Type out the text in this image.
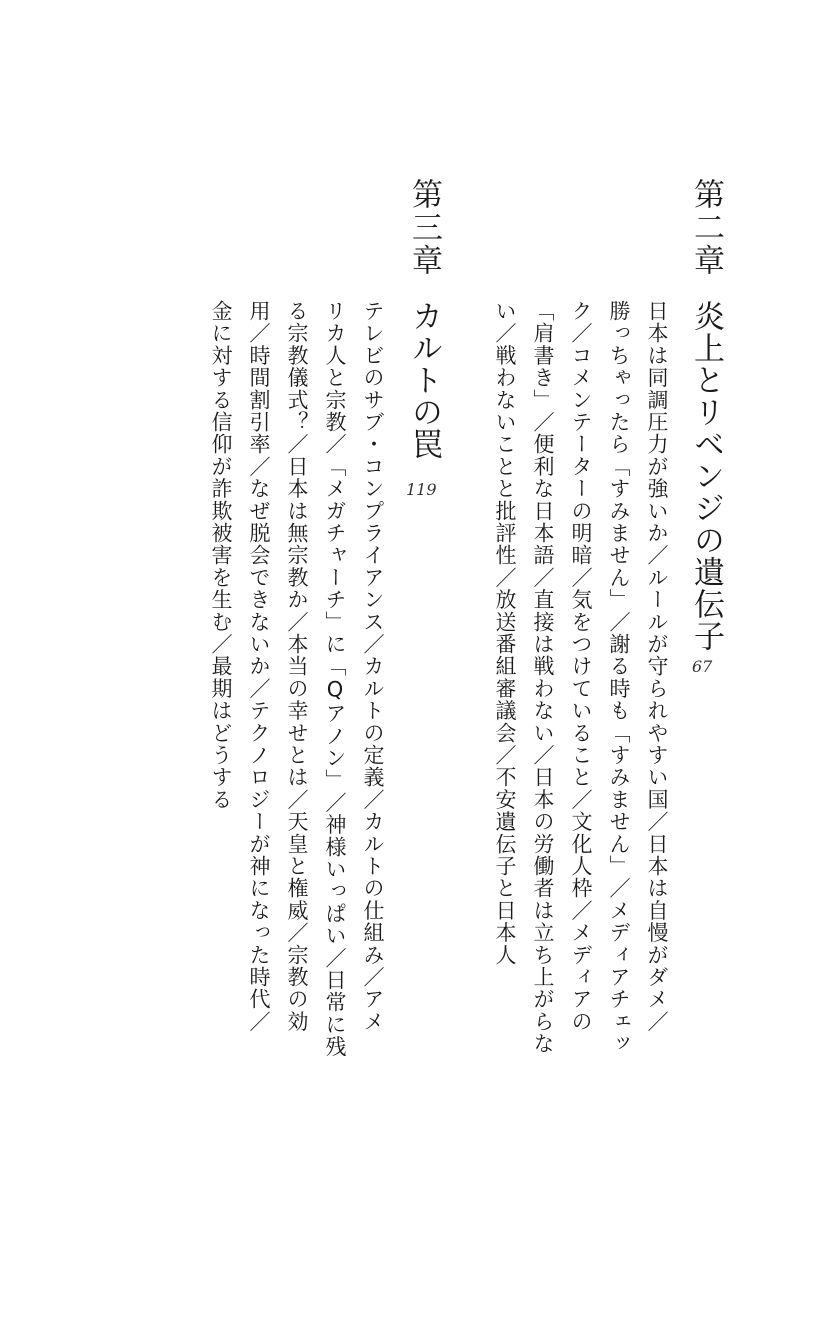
第二章
炎上とリベンジの遺伝子
67
日本は同調圧力が強いか／ルールが守られやすい国／日本は自慢がダメ／
勝っちゃったら「すみません」／謝る時も「すみません」／メディアチェッ
ク／コメンテーターの明暗／気をつけていること／文化人枠／メディアの
「肩書き」／便利な日本語／直接は戦わない／日本の労働者は立ち上がらな
い／戦わないことと批評性／放送番組審議会／不安遺伝子と日本人
第三章
カルトの罠
119
テレビのサブ・コンプライアンス／カルトの定義／カルトの仕組み／アメ
リカ人と宗教／「メガチャーチ」に「Qアノン」／神様いっぱい／日常に残
る宗教儀式？／日本は無宗教か／本当の幸せとは／天皇と権威／宗教の効
用／時間割引率／なぜ脱会できないか／テクノロジーが神になった時代／
金に対する信仰が詐欺被害を生む／最期はどうする
